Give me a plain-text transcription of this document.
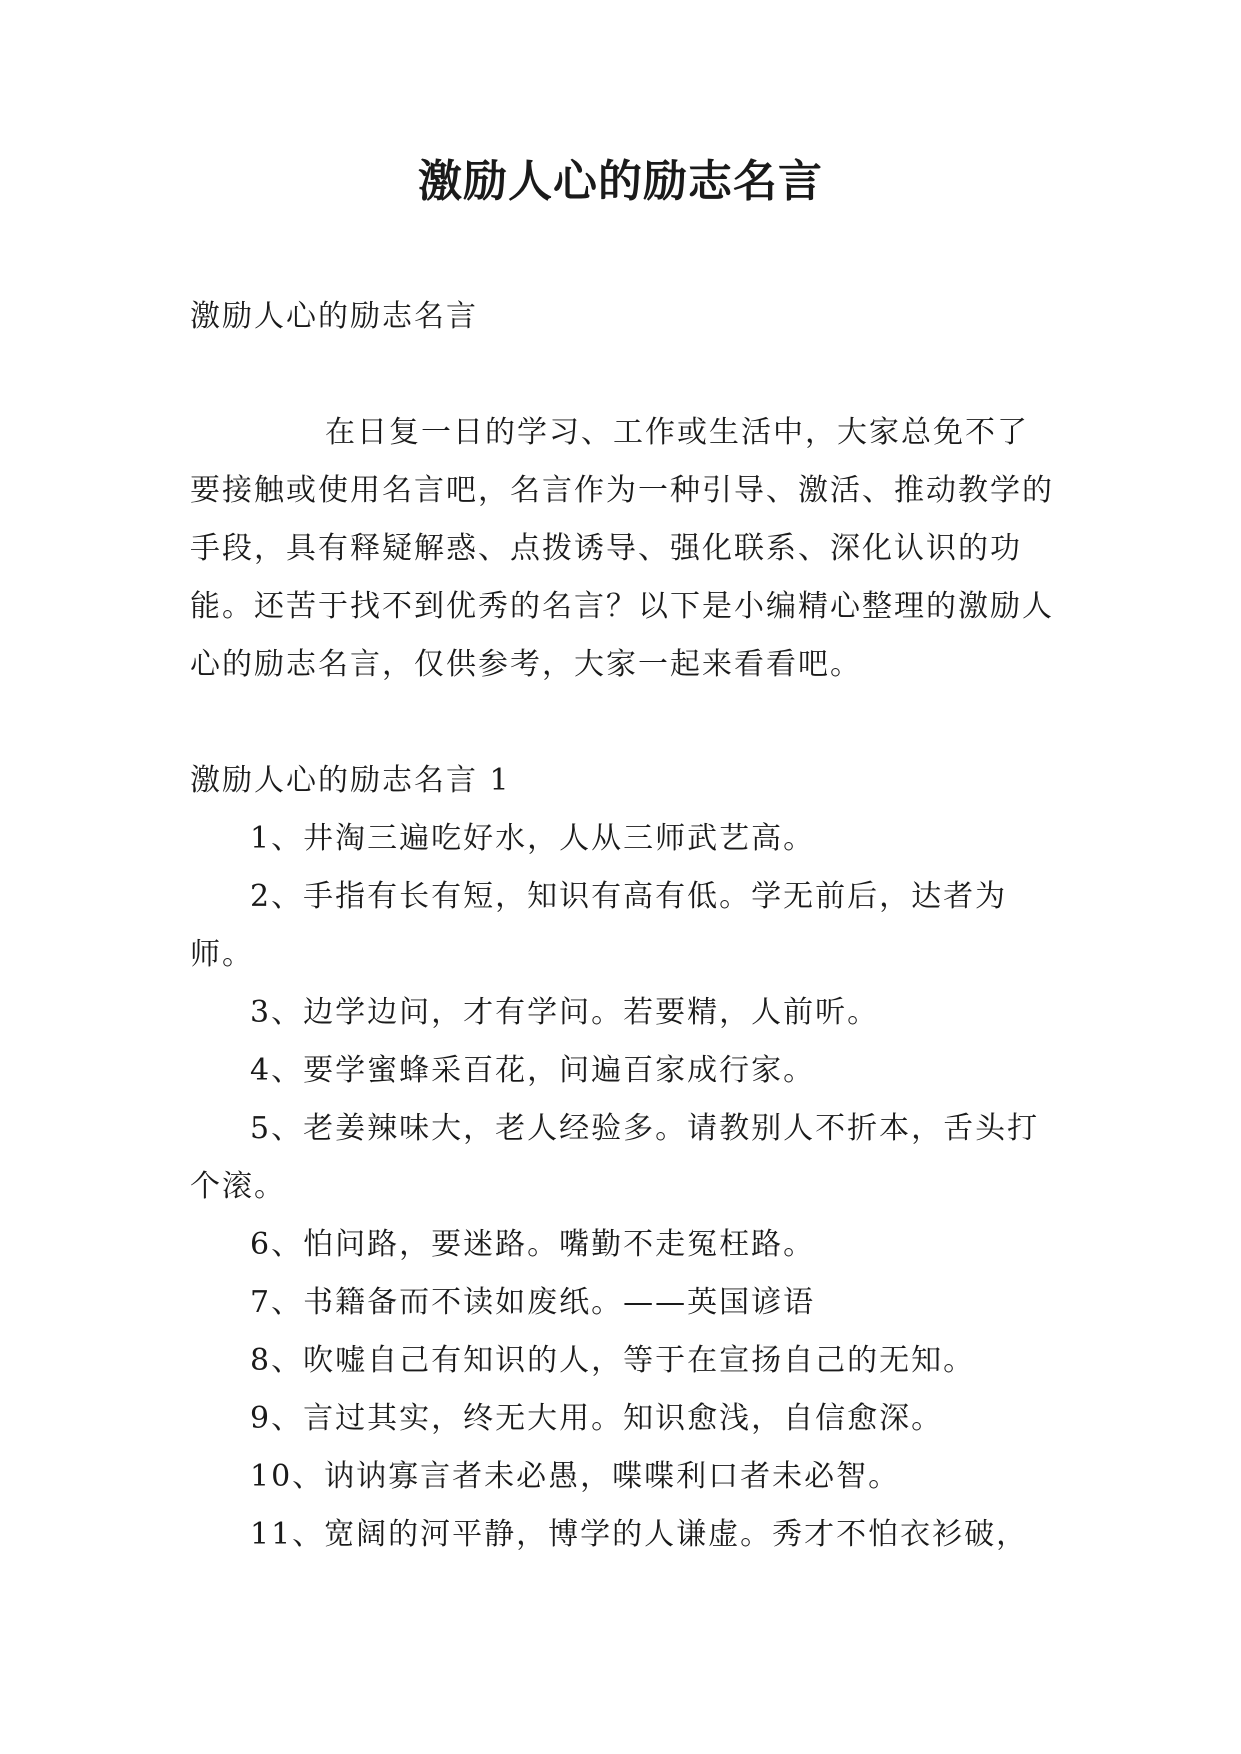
激励人心的励志名言

激励人心的励志名言

在日复一日的学习、工作或生活中，大家总免不了要接触或使用名言吧，名言作为一种引导、激活、推动教学的手段，具有释疑解惑、点拨诱导、强化联系、深化认识的功能。还苦于找不到优秀的名言？以下是小编精心整理的激励人心的励志名言，仅供参考，大家一起来看看吧。

激励人心的励志名言 1

1、井淘三遍吃好水，人从三师武艺高。

2、手指有长有短，知识有高有低。学无前后，达者为师。

3、边学边问，才有学问。若要精，人前听。

4、要学蜜蜂采百花，问遍百家成行家。

5、老姜辣味大，老人经验多。请教别人不折本，舌头打个滚。

6、怕问路，要迷路。嘴勤不走冤枉路。

7、书籍备而不读如废纸。——英国谚语

8、吹嘘自己有知识的人，等于在宣扬自己的无知。

9、言过其实，终无大用。知识愈浅，自信愈深。

10、讷讷寡言者未必愚，喋喋利口者未必智。

11、宽阔的河平静，博学的人谦虚。秀才不怕衣衫破，
